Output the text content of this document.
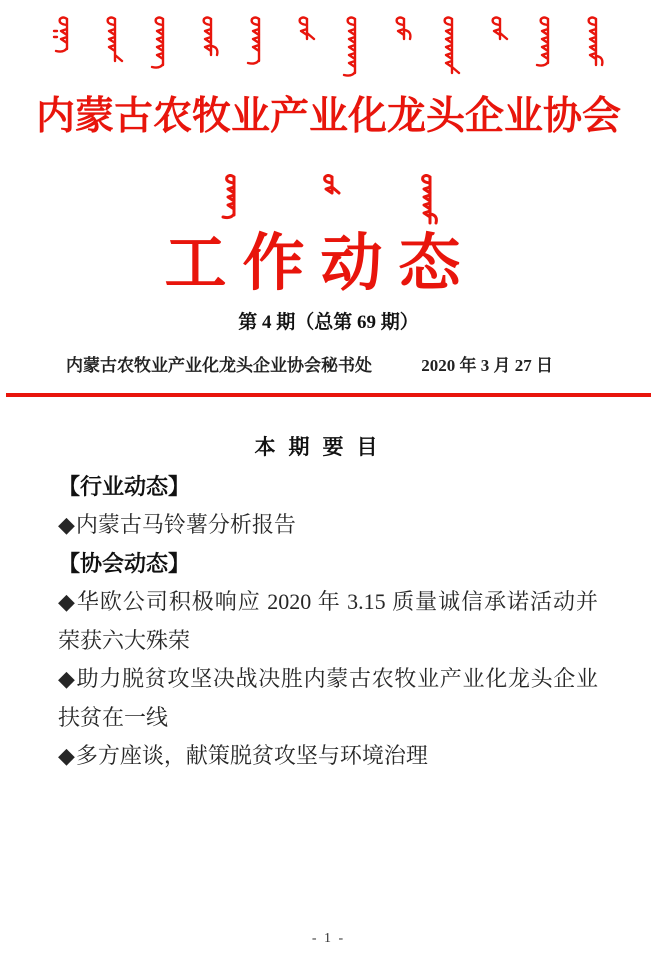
内蒙古农牧业产业化龙头企业协会
工作动态
第 4 期（总第 69 期）
内蒙古农牧业产业化龙头企业协会秘书处	2020 年 3 月 27 日
本期要目
【行业动态】
◆内蒙古马铃薯分析报告
【协会动态】
◆华欧公司积极响应 2020 年 3.15 质量诚信承诺活动并荣获六大殊荣
◆助力脱贫攻坚决战决胜内蒙古农牧业产业化龙头企业扶贫在一线
◆多方座谈，献策脱贫攻坚与环境治理
- 1 -
